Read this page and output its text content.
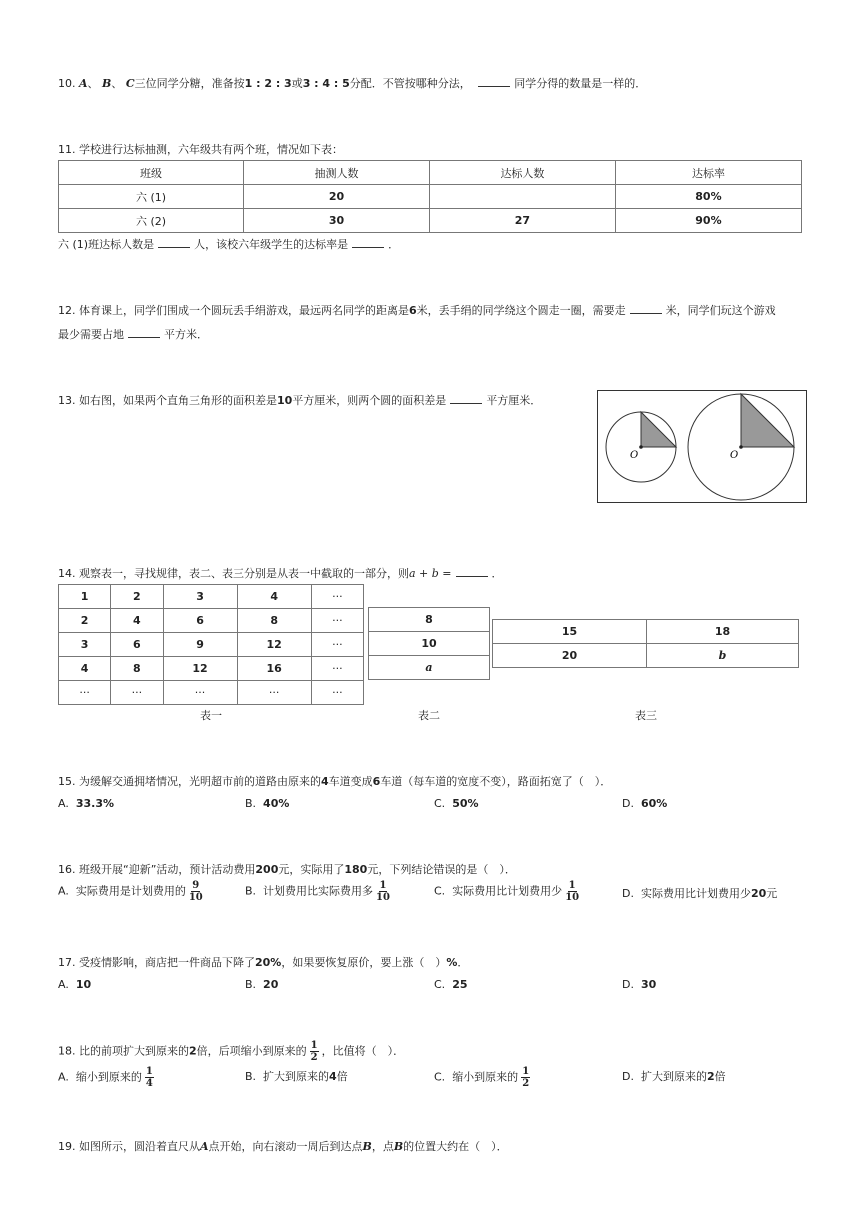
10. A、 B、 C三位同学分糖，准备按1 : 2 : 3或3 : 4 : 5分配．不管按哪种分法，	同学分得的数量是一样的．
11. 学校进行达标抽测，六年级共有两个班，情况如下表：
班级	抽测人数	达标人数	达标率
六 (1)	20		80%
六 (2)	30	27	90%
六 (1)班达标人数是	人，该校六年级学生的达标率是	．
12. 体育课上，同学们围成一个圆玩丢手绢游戏，最远两名同学的距离是6米，丢手绢的同学绕这个圆走一圈，需要走	米，同学们玩这个游戏
最少需要占地	平方米．
13. 如右图，如果两个直角三角形的面积差是10平方厘米，则两个圆的面积差是	平方厘米．
O	O
14. 观察表一，寻找规律，表二、表三分别是从表一中截取的一部分，则a + b =	．
1	2	3	4	···
2	4	6	8	···
3	6	9	12	···
4	8	12	16	···
···	···	···	···	···
8
10
a
15	18
20	b
表一	表二	表三
15. 为缓解交通拥堵情况，光明超市前的道路由原来的4车道变成6车道（每车道的宽度不变），路面拓宽了（　）．
A. 33.3%	B. 40%	C. 50%	D. 60%
16. 班级开展“迎新”活动，预计活动费用200元，实际用了180元，下列结论错误的是（　）．
A. 实际费用是计划费用的 $\frac{9}{10}$	B. 计划费用比实际费用多 $\frac{1}{10}$	C. 实际费用比计划费用少 $\frac{1}{10}$	D. 实际费用比计划费用少20元
17. 受疫情影响，商店把一件商品下降了20%，如果要恢复原价，要上涨（　）%．
A. 10	B. 20	C. 25	D. 30
18. 比的前项扩大到原来的2倍，后项缩小到原来的 $\frac{1}{2}$ ，比值将（　）．
A. 缩小到原来的 $\frac{1}{4}$	B. 扩大到原来的4倍	C. 缩小到原来的 $\frac{1}{2}$	D. 扩大到原来的2倍
19. 如图所示，圆沿着直尺从A点开始，向右滚动一周后到达点B，点B的位置大约在（　）．
